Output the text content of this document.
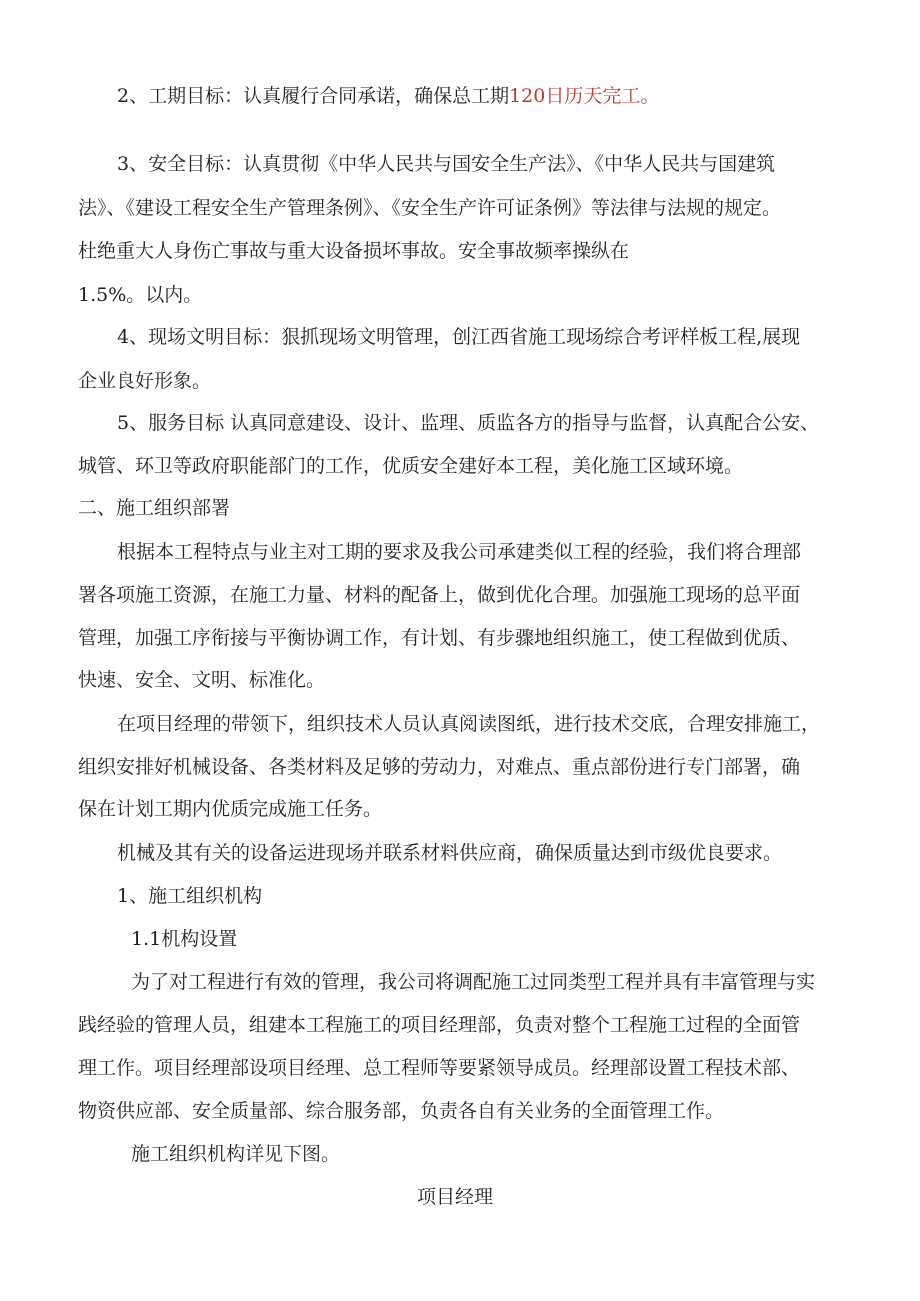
2、工期目标：认真履行合同承诺，确保总工期120日历天完工。
3、安全目标：认真贯彻《中华人民共与国安全生产法》、《中华人民共与国建筑
法》、《建设工程安全生产管理条例》、《安全生产许可证条例》等法律与法规的规定。
杜绝重大人身伤亡事故与重大设备损坏事故。安全事故频率操纵在
1.5%。以内。
4、现场文明目标：狠抓现场文明管理，创江西省施工现场综合考评样板工程,展现
企业良好形象。
5、服务目标 认真同意建设、设计、监理、质监各方的指导与监督，认真配合公安、
城管、环卫等政府职能部门的工作，优质安全建好本工程，美化施工区域环境。
二、施工组织部署
根据本工程特点与业主对工期的要求及我公司承建类似工程的经验，我们将合理部
署各项施工资源，在施工力量、材料的配备上，做到优化合理。加强施工现场的总平面
管理，加强工序衔接与平衡协调工作，有计划、有步骤地组织施工，使工程做到优质、
快速、安全、文明、标准化。
在项目经理的带领下，组织技术人员认真阅读图纸，进行技术交底，合理安排施工，
组织安排好机械设备、各类材料及足够的劳动力，对难点、重点部份进行专门部署，确
保在计划工期内优质完成施工任务。
机械及其有关的设备运进现场并联系材料供应商，确保质量达到市级优良要求。
1、施工组织机构
1.1机构设置
为了对工程进行有效的管理，我公司将调配施工过同类型工程并具有丰富管理与实
践经验的管理人员，组建本工程施工的项目经理部，负责对整个工程施工过程的全面管
理工作。项目经理部设项目经理、总工程师等要紧领导成员。经理部设置工程技术部、
物资供应部、安全质量部、综合服务部，负责各自有关业务的全面管理工作。
施工组织机构详见下图。
项目经理
